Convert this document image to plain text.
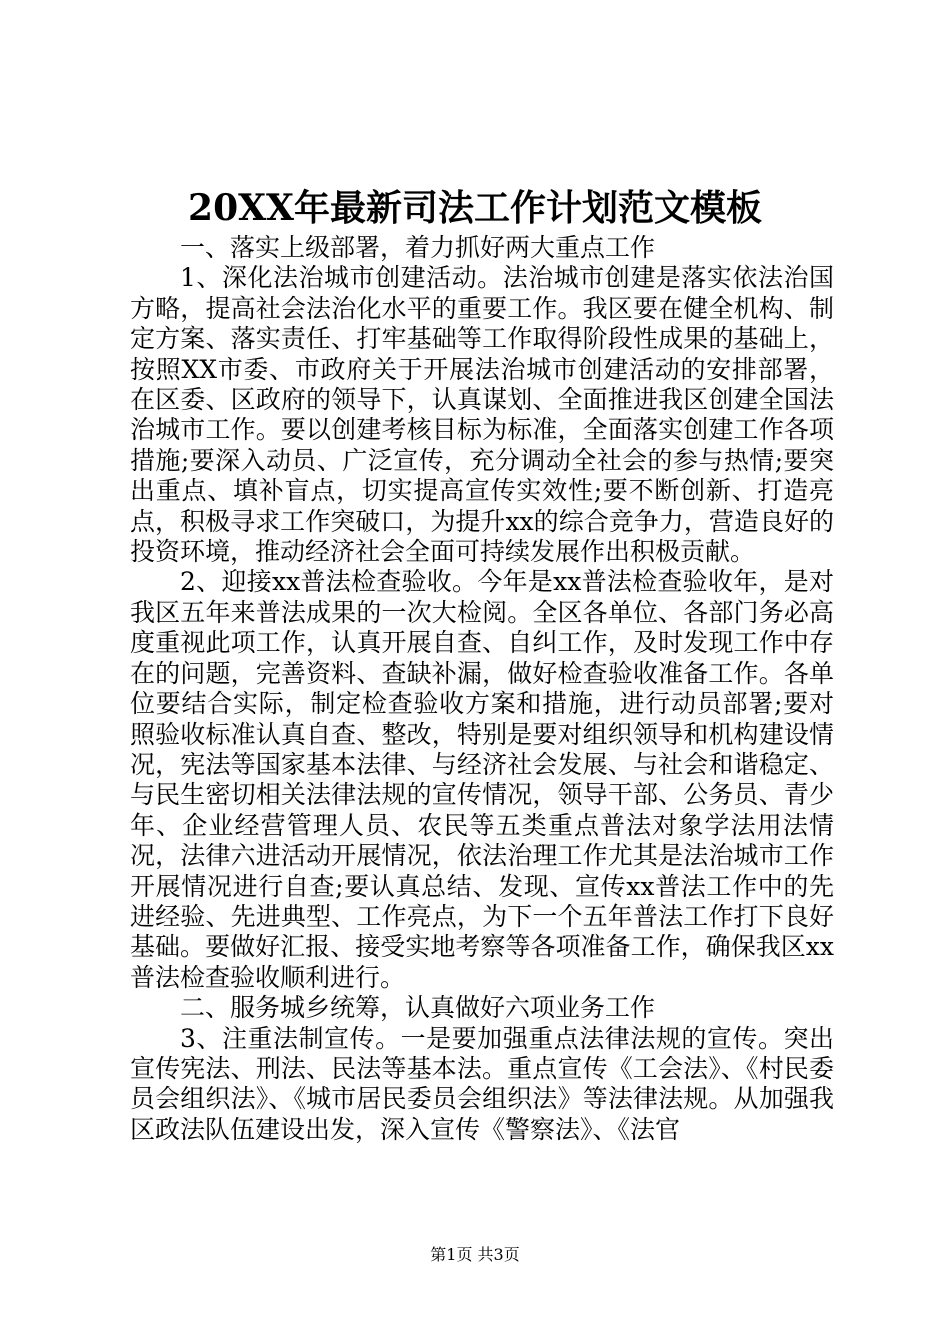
20XX年最新司法工作计划范文模板

一、落实上级部署，着力抓好两大重点工作

1、深化法治城市创建活动。法治城市创建是落实依法治国方略，提高社会法治化水平的重要工作。我区要在健全机构、制定方案、落实责任、打牢基础等工作取得阶段性成果的基础上，按照XX市委、市政府关于开展法治城市创建活动的安排部署，在区委、区政府的领导下，认真谋划、全面推进我区创建全国法治城市工作。要以创建考核目标为标准，全面落实创建工作各项措施;要深入动员、广泛宣传，充分调动全社会的参与热情;要突出重点、填补盲点，切实提高宣传实效性;要不断创新、打造亮点，积极寻求工作突破口，为提升xx的综合竞争力，营造良好的投资环境，推动经济社会全面可持续发展作出积极贡献。

2、迎接xx普法检查验收。今年是xx普法检查验收年，是对我区五年来普法成果的一次大检阅。全区各单位、各部门务必高度重视此项工作，认真开展自查、自纠工作，及时发现工作中存在的问题，完善资料、查缺补漏，做好检查验收准备工作。各单位要结合实际，制定检查验收方案和措施，进行动员部署;要对照验收标准认真自查、整改，特别是要对组织领导和机构建设情况，宪法等国家基本法律、与经济社会发展、与社会和谐稳定、与民生密切相关法律法规的宣传情况，领导干部、公务员、青少年、企业经营管理人员、农民等五类重点普法对象学法用法情况，法律六进活动开展情况，依法治理工作尤其是法治城市工作开展情况进行自查;要认真总结、发现、宣传xx普法工作中的先进经验、先进典型、工作亮点，为下一个五年普法工作打下良好基础。要做好汇报、接受实地考察等各项准备工作，确保我区xx普法检查验收顺利进行。

二、服务城乡统筹，认真做好六项业务工作

3、注重法制宣传。一是要加强重点法律法规的宣传。突出宣传宪法、刑法、民法等基本法。重点宣传《工会法》、《村民委员会组织法》、《城市居民委员会组织法》等法律法规。从加强我区政法队伍建设出发，深入宣传《警察法》、《法官

第1页 共3页
